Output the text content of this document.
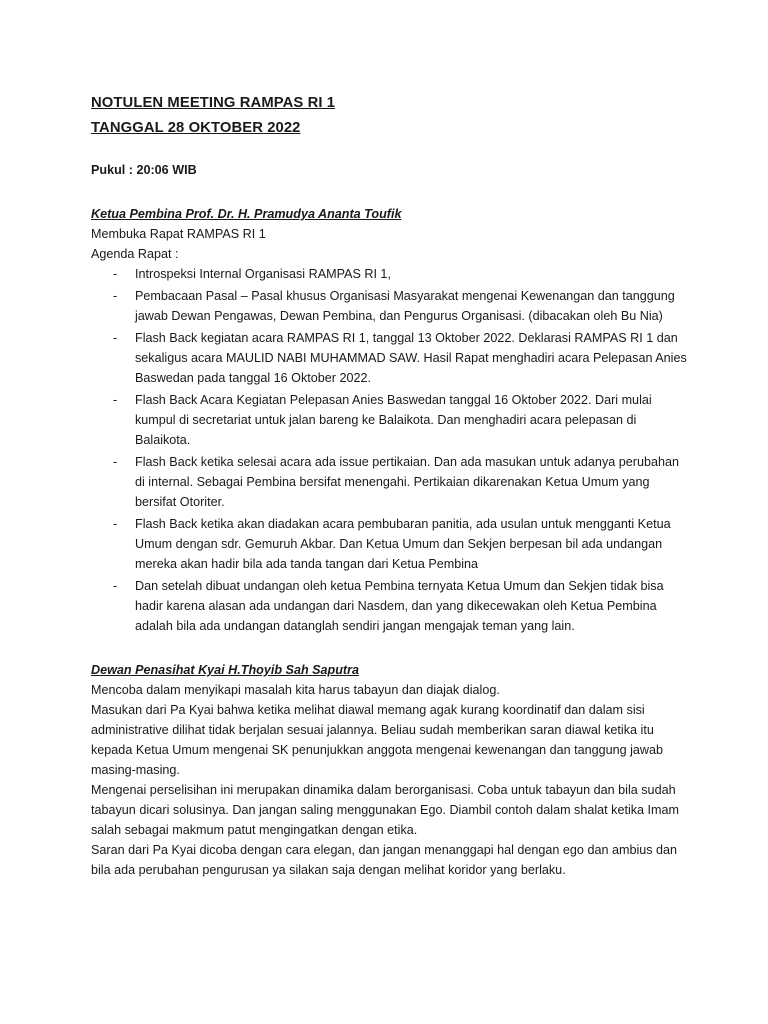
NOTULEN MEETING RAMPAS RI 1
TANGGAL 28 OKTOBER 2022
Pukul : 20:06 WIB
Ketua Pembina Prof. Dr. H. Pramudya Ananta Toufik
Membuka Rapat RAMPAS RI 1
Agenda Rapat :
-	Introspeksi Internal Organisasi RAMPAS RI 1,
-	Pembacaan Pasal – Pasal khusus Organisasi Masyarakat mengenai Kewenangan dan tanggung jawab Dewan Pengawas, Dewan Pembina, dan Pengurus Organisasi. (dibacakan oleh Bu Nia)
-	Flash Back kegiatan acara RAMPAS RI 1, tanggal 13 Oktober 2022. Deklarasi RAMPAS RI 1 dan sekaligus acara MAULID NABI MUHAMMAD SAW. Hasil Rapat menghadiri acara Pelepasan Anies Baswedan pada tanggal 16 Oktober 2022.
-	Flash Back Acara Kegiatan Pelepasan Anies Baswedan tanggal 16 Oktober 2022. Dari mulai kumpul di secretariat untuk jalan bareng ke Balaikota. Dan menghadiri acara pelepasan di Balaikota.
-	Flash Back ketika selesai acara ada issue pertikaian. Dan ada masukan untuk adanya perubahan di internal. Sebagai Pembina bersifat menengahi. Pertikaian dikarenakan Ketua Umum yang bersifat Otoriter.
-	Flash Back ketika akan diadakan acara pembubaran panitia, ada usulan untuk mengganti Ketua Umum dengan sdr. Gemuruh Akbar. Dan Ketua Umum dan Sekjen berpesan bil ada undangan mereka akan hadir bila ada tanda tangan dari Ketua Pembina
-	Dan setelah dibuat undangan oleh ketua Pembina ternyata Ketua Umum dan Sekjen tidak bisa hadir karena alasan ada undangan dari Nasdem, dan yang dikecewakan oleh Ketua Pembina adalah bila ada undangan datanglah sendiri jangan mengajak teman yang lain.
Dewan Penasihat Kyai H.Thoyib Sah Saputra

Mencoba dalam menyikapi masalah kita harus tabayun dan diajak dialog.

Masukan dari Pa Kyai bahwa ketika melihat diawal memang agak kurang koordinatif dan dalam sisi administrative dilihat tidak berjalan sesuai jalannya. Beliau sudah memberikan saran diawal ketika itu kepada Ketua Umum mengenai SK penunjukkan anggota mengenai kewenangan dan tanggung jawab masing-masing.

Mengenai perselisihan ini merupakan dinamika dalam berorganisasi. Coba untuk tabayun dan bila sudah tabayun dicari solusinya. Dan jangan saling menggunakan Ego. Diambil contoh dalam shalat ketika Imam salah sebagai makmum patut mengingatkan dengan etika.

Saran dari Pa Kyai dicoba dengan cara elegan, dan jangan menanggapi hal dengan ego dan ambius dan bila ada perubahan pengurusan ya silakan saja dengan melihat koridor yang berlaku.
